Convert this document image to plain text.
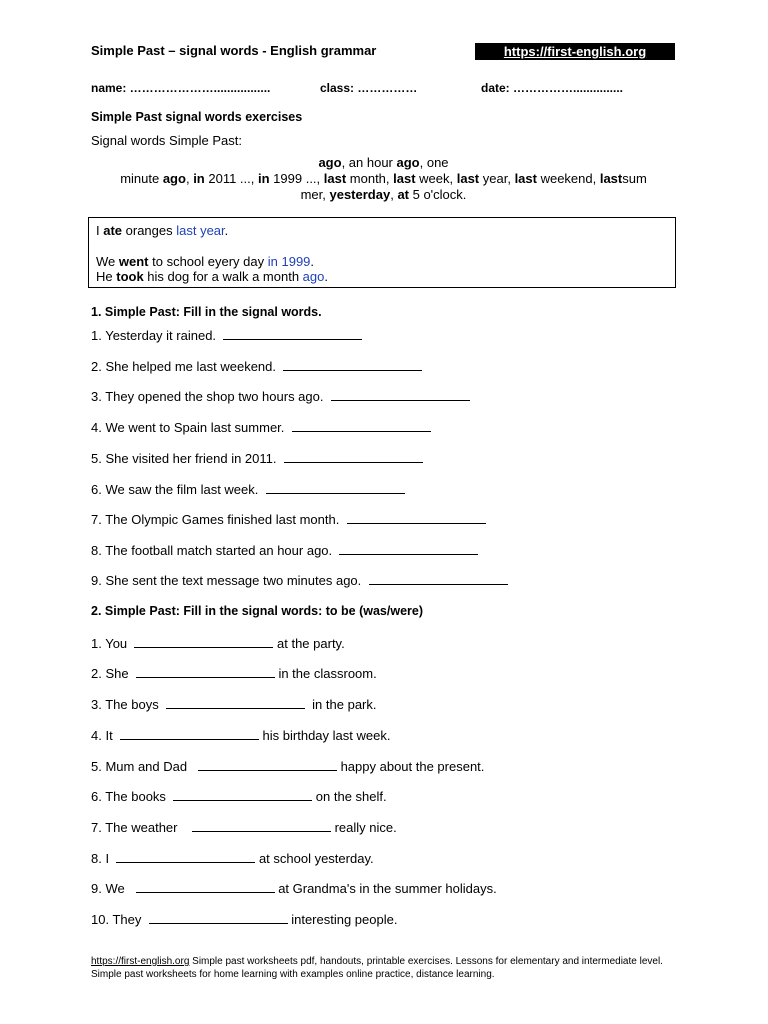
Simple Past – signal words - English grammar	https://first-english.org
name: ………………….................	class: ……………	date: ……………...............
Simple Past signal words exercises
Signal words Simple Past:
ago, an hour ago, one
minute ago, in 2011 ..., in 1999 ..., last month, last week, last year, last weekend, lastsum
mer, yesterday, at 5 o'clock.
I ate oranges last year.
We went to school eyery day in 1999.
He took his dog for a walk a month ago.
1. Simple Past: Fill in the signal words.
1. Yesterday it rained.
2. She helped me last weekend.
3. They opened the shop two hours ago.
4. We went to Spain last summer.
5. She visited her friend in 2011.
6. We saw the film last week.
7. The Olympic Games finished last month.
8. The football match started an hour ago.
9. She sent the text message two minutes ago.
2. Simple Past: Fill in the signal words: to be (was/were)
1. You	at the party.
2. She	in the classroom.
3. The boys	in the park.
4. It	his birthday last week.
5. Mum and Dad	happy about the present.
6. The books	on the shelf.
7. The weather	really nice.
8. I	at school yesterday.
9. We	at Grandma's in the summer holidays.
10. They	interesting people.
https://first-english.org Simple past worksheets pdf, handouts, printable exercises. Lessons for elementary and intermediate level. Simple past worksheets for home learning with examples online practice, distance learning.
